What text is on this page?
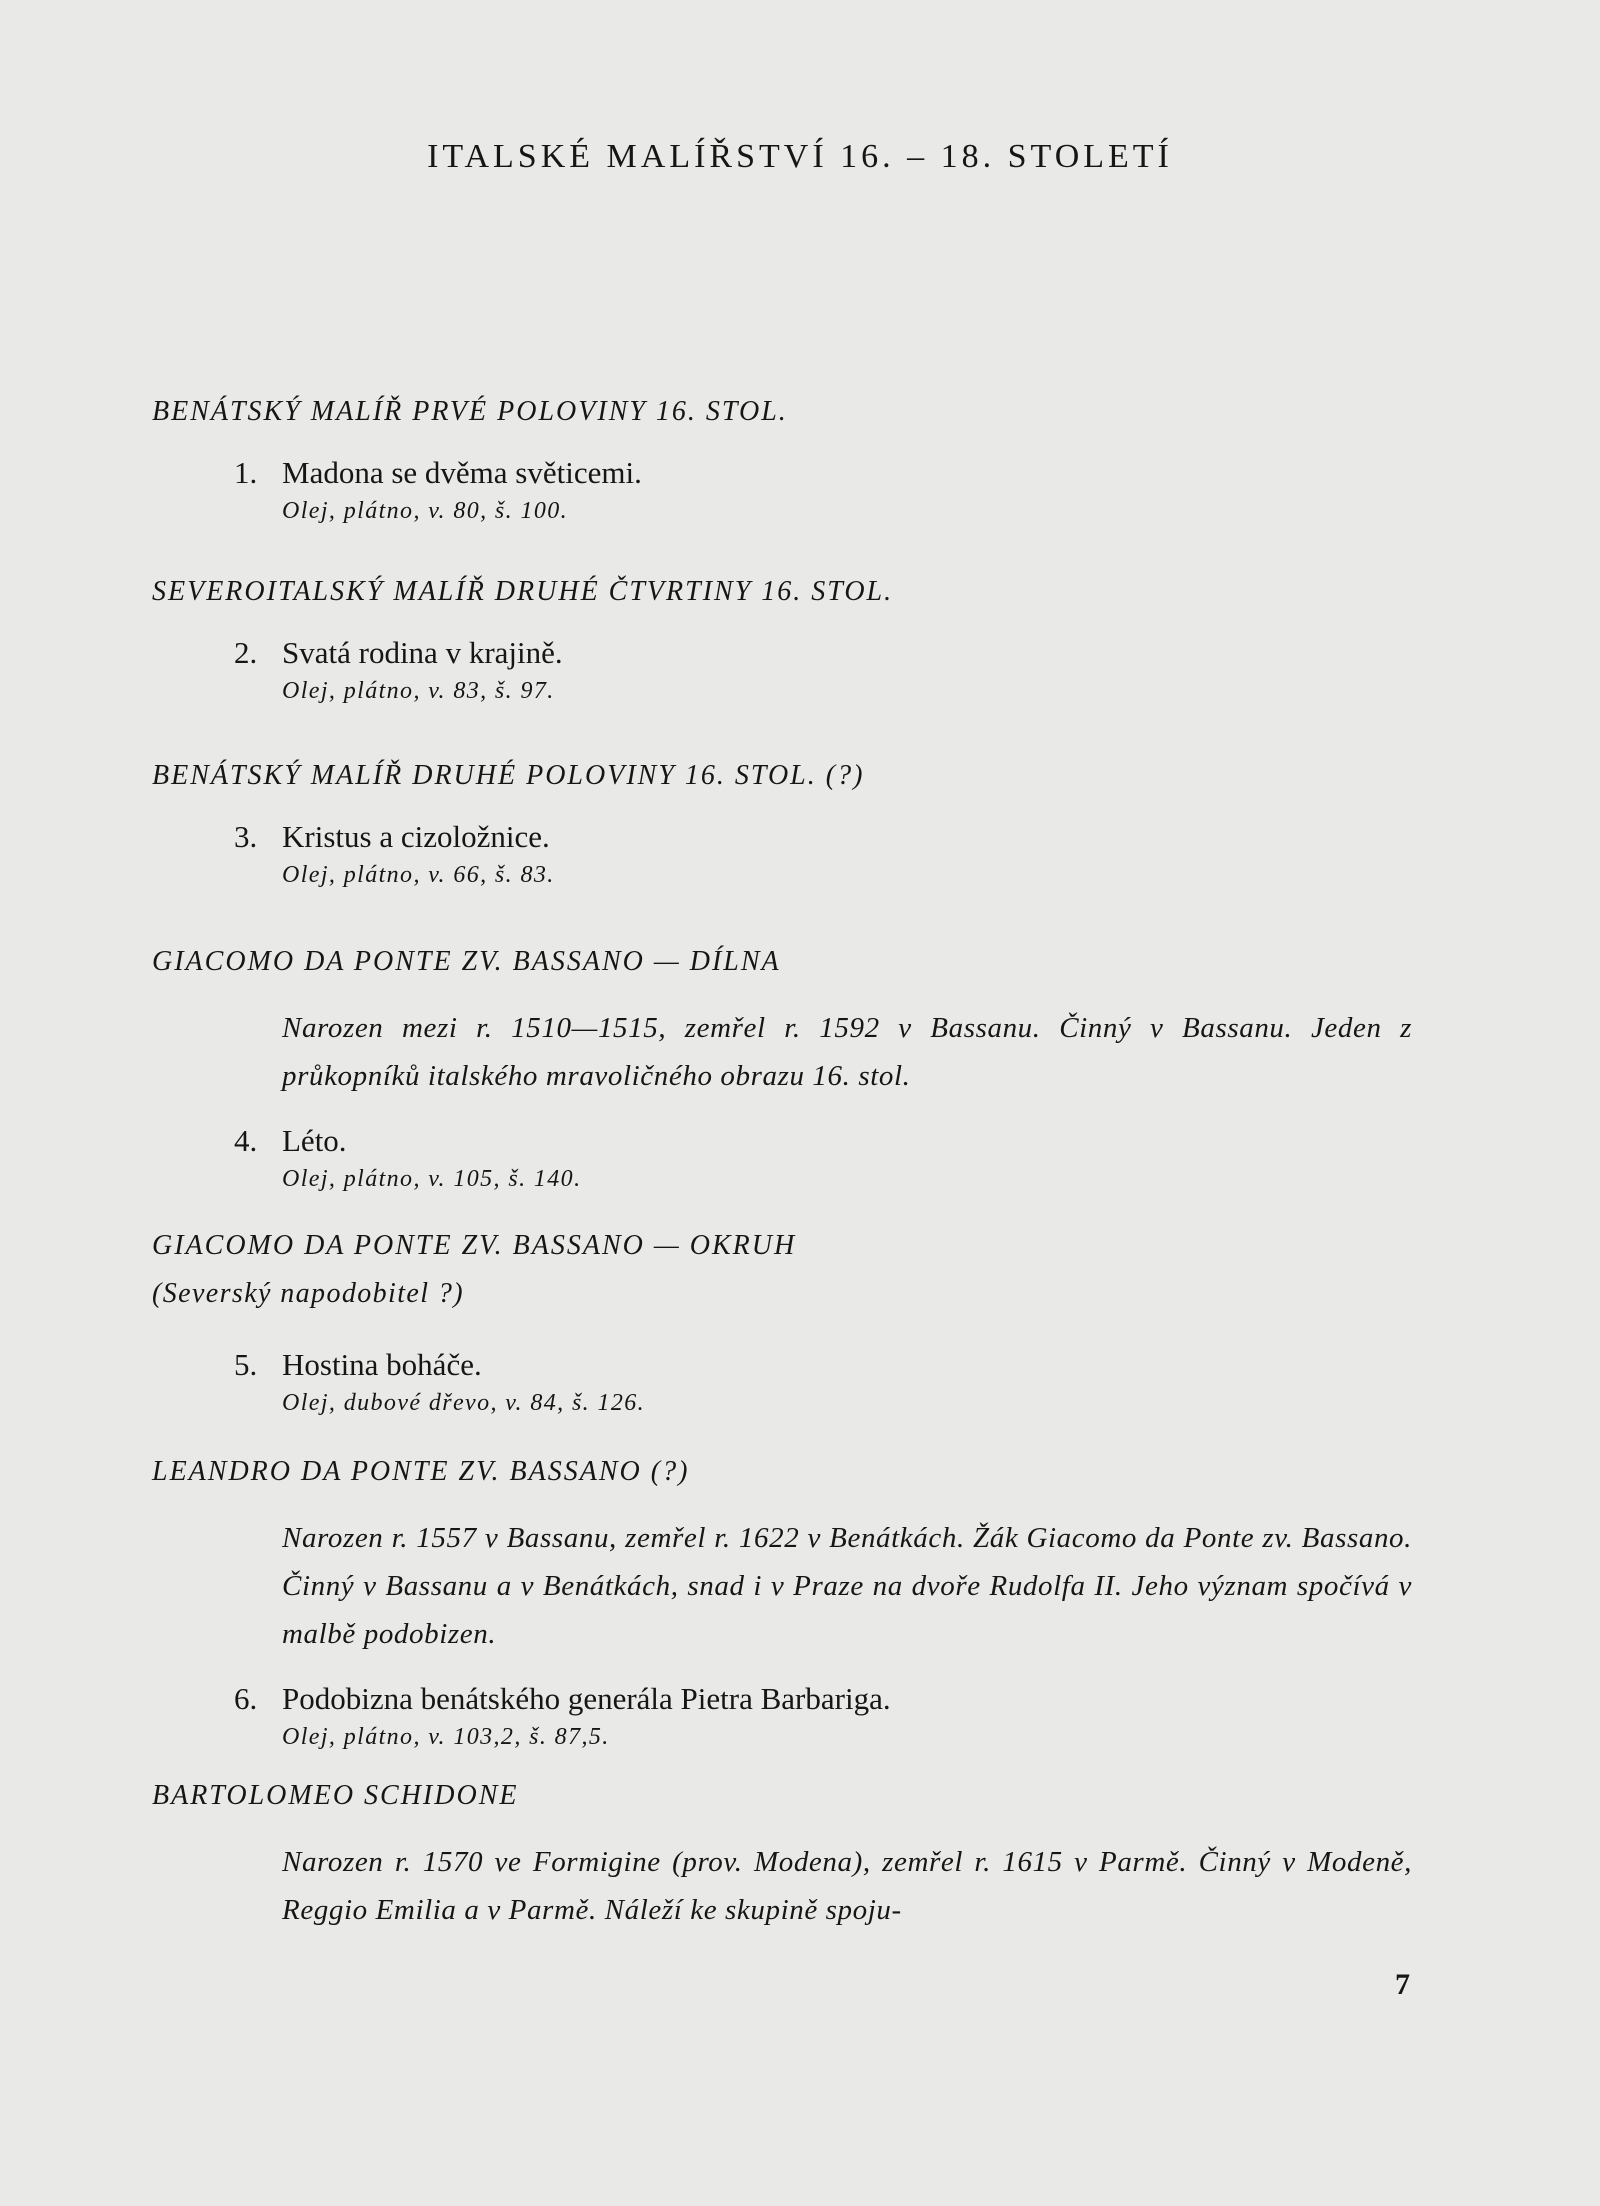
ITALSKÉ MALÍŘSTVÍ 16. – 18. STOLETÍ

BENÁTSKÝ MALÍŘ PRVÉ POLOVINY 16. STOL.

1. Madona se dvěma světicemi.
Olej, plátno, v. 80, š. 100.

SEVEROITALSKÝ MALÍŘ DRUHÉ ČTVRTINY 16. STOL.

2. Svatá rodina v krajině.
Olej, plátno, v. 83, š. 97.

BENÁTSKÝ MALÍŘ DRUHÉ POLOVINY 16. STOL. (?)

3. Kristus a cizoložnice.
Olej, plátno, v. 66, š. 83.

GIACOMO DA PONTE ZV. BASSANO — DÍLNA

Narozen mezi r. 1510—1515, zemřel r. 1592 v Bassanu. Činný v Bassanu. Jeden z průkopníků italského mravoličného obrazu 16. stol.

4. Léto.
Olej, plátno, v. 105, š. 140.

GIACOMO DA PONTE ZV. BASSANO — OKRUH

(Severský napodobitel ?)

5. Hostina boháče.
Olej, dubové dřevo, v. 84, š. 126.

LEANDRO DA PONTE ZV. BASSANO (?)

Narozen r. 1557 v Bassanu, zemřel r. 1622 v Benátkách. Žák Giacomo da Ponte zv. Bassano. Činný v Bassanu a v Benátkách, snad i v Praze na dvoře Rudolfa II. Jeho význam spočívá v malbě podobizen.

6. Podobizna benátského generála Pietra Barbariga.
Olej, plátno, v. 103,2, š. 87,5.

BARTOLOMEO SCHIDONE

Narozen r. 1570 ve Formigine (prov. Modena), zemřel r. 1615 v Parmě. Činný v Modeně, Reggio Emilia a v Parmě. Náleží ke skupině spoju-

7
